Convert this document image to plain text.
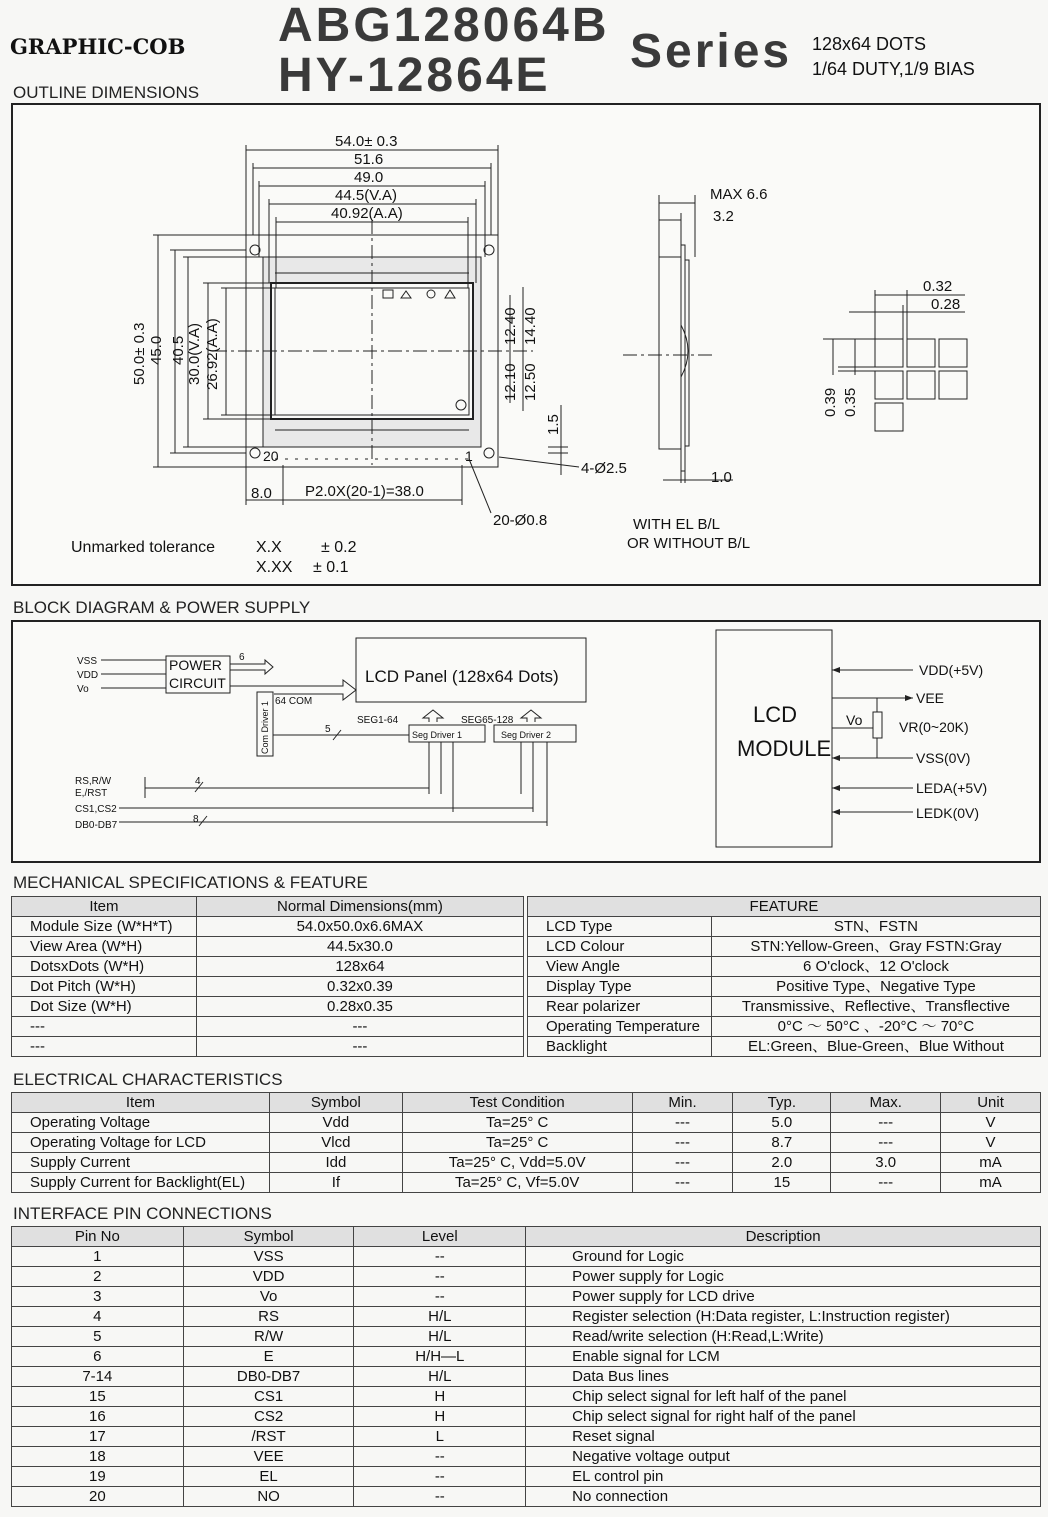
GRAPHIC-COB ABG128064B
HY-12864E Series 128x64 DOTS
1/64 DUTY,1/9 BIAS
OUTLINE DIMENSIONS
54.0± 0.3
51.6
49.0
44.5(V.A)
40.92(A.A)
50.0± 0.3 45.0 40.5 30.0(V.A) 26.92(A.A)	12.40 14.40
12.10 12.50
1.5
20	1
8.0 P2.0X(20-1)=38.0
4-Ø2.5
20-Ø0.8
MAX 6.6
3.2
1.0
WITH EL B/L
OR WITHOUT B/L
0.32
0.28
0.39 0.35
Unmarked tolerance	X.X ± 0.2
X.XX ± 0.1
BLOCK DIAGRAM & POWER SUPPLY
VSS
VDD
Vo
POWER
CIRCUIT
6
LCD Panel (128x64 Dots)
64 COM
Com Driver 1	SEG1-64	SEG65-128
Seg Driver 1	Seg Driver 2
5
4
8
RS,R/W
E,/RST
CS1,CS2
DB0-DB7
LCD
MODULE
VDD(+5V)
VEE
Vo	VR(0~20K)
VSS(0V)
LEDA(+5V)
LEDK(0V)
MECHANICAL SPECIFICATIONS & FEATURE
Item	Normal Dimensions(mm)
Module Size (W*H*T)	54.0x50.0x6.6MAX
View Area (W*H)	44.5x30.0
DotsxDots (W*H)	128x64
Dot Pitch (W*H)	0.32x0.39
Dot Size (W*H)	0.28x0.35
---	---
---	---
FEATURE	
LCD Type	STN、FSTN
LCD Colour	STN:Yellow-Green、Gray FSTN:Gray
View Angle	6 O'clock、12 O'clock
Display Type	Positive Type、Negative Type
Rear polarizer	Transmissive、Reflective、Transflective
Operating Temperature	0°C ～ 50°C 、-20°C ～ 70°C
Backlight	EL:Green、Blue-Green、Blue Without
ELECTRICAL CHARACTERISTICS
Item	Symbol	Test Condition	Min.	Typ.	Max.	Unit
Operating Voltage	Vdd	Ta=25° C	---	5.0	---	V
Operating Voltage for LCD	Vlcd	Ta=25° C	---	8.7	---	V
Supply Current	Idd	Ta=25° C, Vdd=5.0V	---	2.0	3.0	mA
Supply Current for Backlight(EL)	If	Ta=25° C, Vf=5.0V	---	15	---	mA
INTERFACE PIN CONNECTIONS
Pin No	Symbol	Level	Description
1	VSS	--	Ground for Logic
2	VDD	--	Power supply for Logic
3	Vo	--	Power supply for LCD drive
4	RS	H/L	Register selection (H:Data register, L:Instruction register)
5	R/W	H/L	Read/write selection (H:Read,L:Write)
6	E	H/H—L	Enable signal for LCM
7-14	DB0-DB7	H/L	Data Bus lines
15	CS1	H	Chip select signal for left half of the panel
16	CS2	H	Chip select signal for right half of the panel
17	/RST	L	Reset signal
18	VEE	--	Negative voltage output
19	EL	--	EL control pin
20	NO	--	No connection
